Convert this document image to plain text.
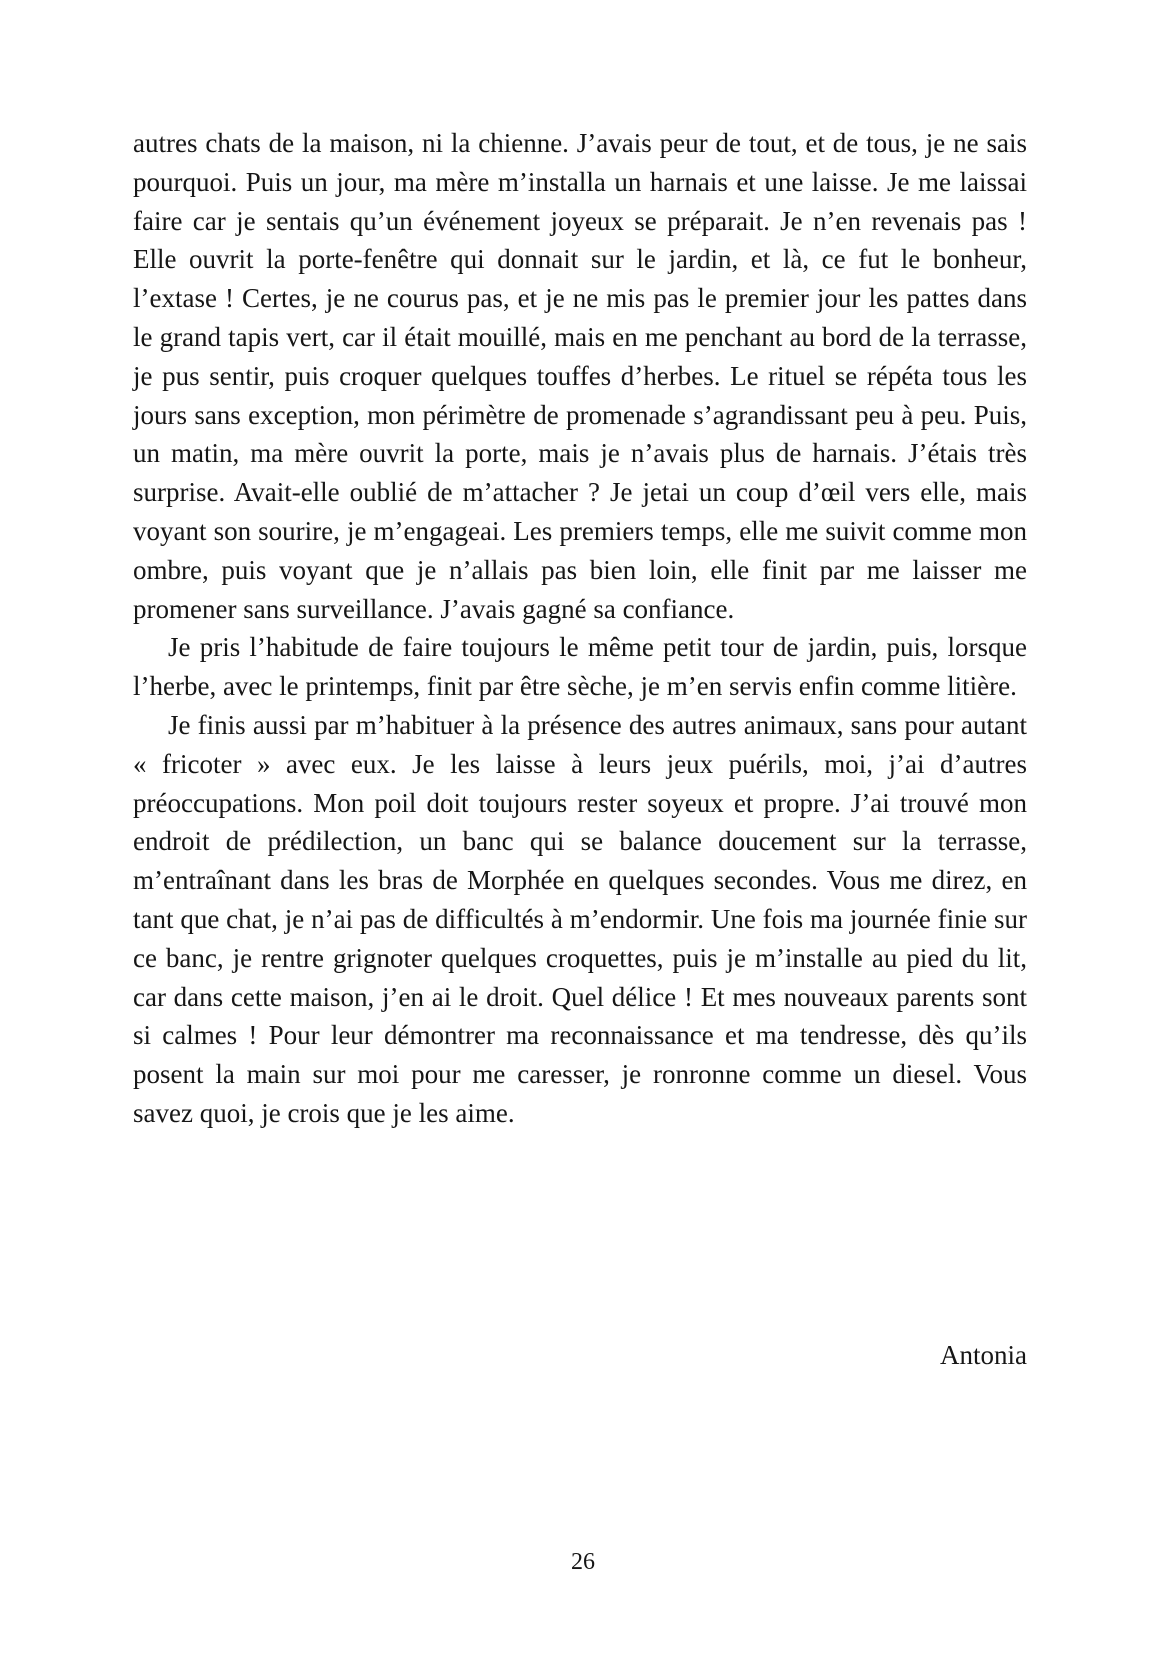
autres chats de la maison, ni la chienne. J’avais peur de tout, et de tous, je ne sais pourquoi. Puis un jour, ma mère m’installa un harnais et une laisse. Je me laissai faire car je sentais qu’un événement joyeux se préparait. Je n’en revenais pas ! Elle ouvrit la porte-fenêtre qui donnait sur le jardin, et là, ce fut le bonheur, l’extase ! Certes, je ne courus pas, et je ne mis pas le premier jour les pattes dans le grand tapis vert, car il était mouillé, mais en me penchant au bord de la terrasse, je pus sentir, puis croquer quelques touffes d’herbes. Le rituel se répéta tous les jours sans exception, mon périmètre de promenade s’agrandissant peu à peu. Puis, un matin, ma mère ouvrit la porte, mais je n’avais plus de harnais. J’étais très surprise. Avait-elle oublié de m’attacher ? Je jetai un coup d’œil vers elle, mais voyant son sourire, je m’engageai. Les premiers temps, elle me suivit comme mon ombre, puis voyant que je n’allais pas bien loin, elle finit par me laisser me promener sans surveillance. J’avais gagné sa confiance.

Je pris l’habitude de faire toujours le même petit tour de jardin, puis, lorsque l’herbe, avec le printemps, finit par être sèche, je m’en servis enfin comme litière.

Je finis aussi par m’habituer à la présence des autres animaux, sans pour autant « fricoter » avec eux. Je les laisse à leurs jeux puérils, moi, j’ai d’autres préoccupations. Mon poil doit toujours rester soyeux et propre. J’ai trouvé mon endroit de prédilection, un banc qui se balance doucement sur la terrasse, m’entraînant dans les bras de Morphée en quelques secondes. Vous me direz, en tant que chat, je n’ai pas de difficultés à m’endormir. Une fois ma journée finie sur ce banc, je rentre grignoter quelques croquettes, puis je m’installe au pied du lit, car dans cette maison, j’en ai le droit. Quel délice ! Et mes nouveaux parents sont si calmes ! Pour leur démontrer ma reconnaissance et ma tendresse, dès qu’ils posent la main sur moi pour me caresser, je ronronne comme un diesel. Vous savez quoi, je crois que je les aime.

Antonia
26
